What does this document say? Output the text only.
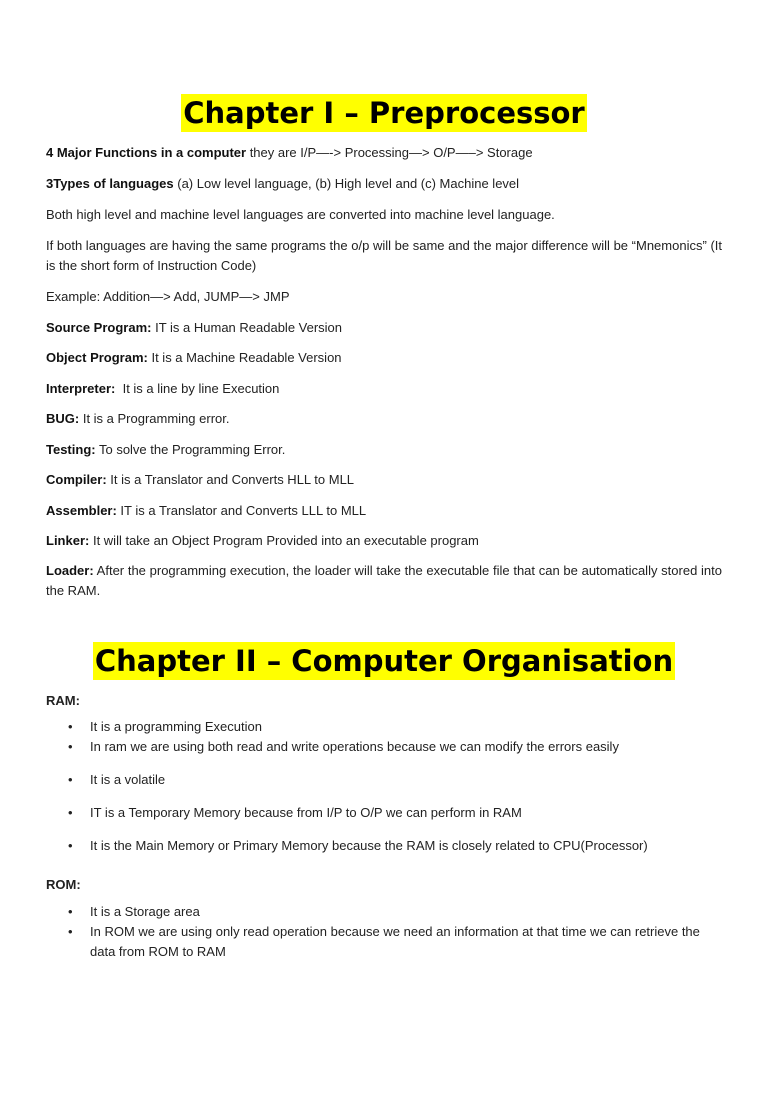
Chapter I – Preprocessor

4 Major Functions in a computer they are I/P—-> Processing—> O/P—–> Storage

3Types of languages (a) Low level language, (b) High level and (c) Machine level

Both high level and machine level languages are converted into machine level language.

If both languages are having the same programs the o/p will be same and the major difference will be “Mnemonics” (It is the short form of Instruction Code)

Example: Addition—> Add, JUMP—> JMP

Source Program: IT is a Human Readable Version

Object Program: It is a Machine Readable Version

Interpreter:  It is a line by line Execution

BUG: It is a Programming error.

Testing: To solve the Programming Error.

Compiler: It is a Translator and Converts HLL to MLL

Assembler: IT is a Translator and Converts LLL to MLL

Linker: It will take an Object Program Provided into an executable program

Loader: After the programming execution, the loader will take the executable file that can be automatically stored into the RAM.

Chapter II – Computer Organisation

RAM:

• It is a programming Execution
• In ram we are using both read and write operations because we can modify the errors easily
• It is a volatile
• IT is a Temporary Memory because from I/P to O/P we can perform in RAM
• It is the Main Memory or Primary Memory because the RAM is closely related to CPU(Processor)

ROM:

• It is a Storage area
• In ROM we are using only read operation because we need an information at that time we can retrieve the data from ROM to RAM
